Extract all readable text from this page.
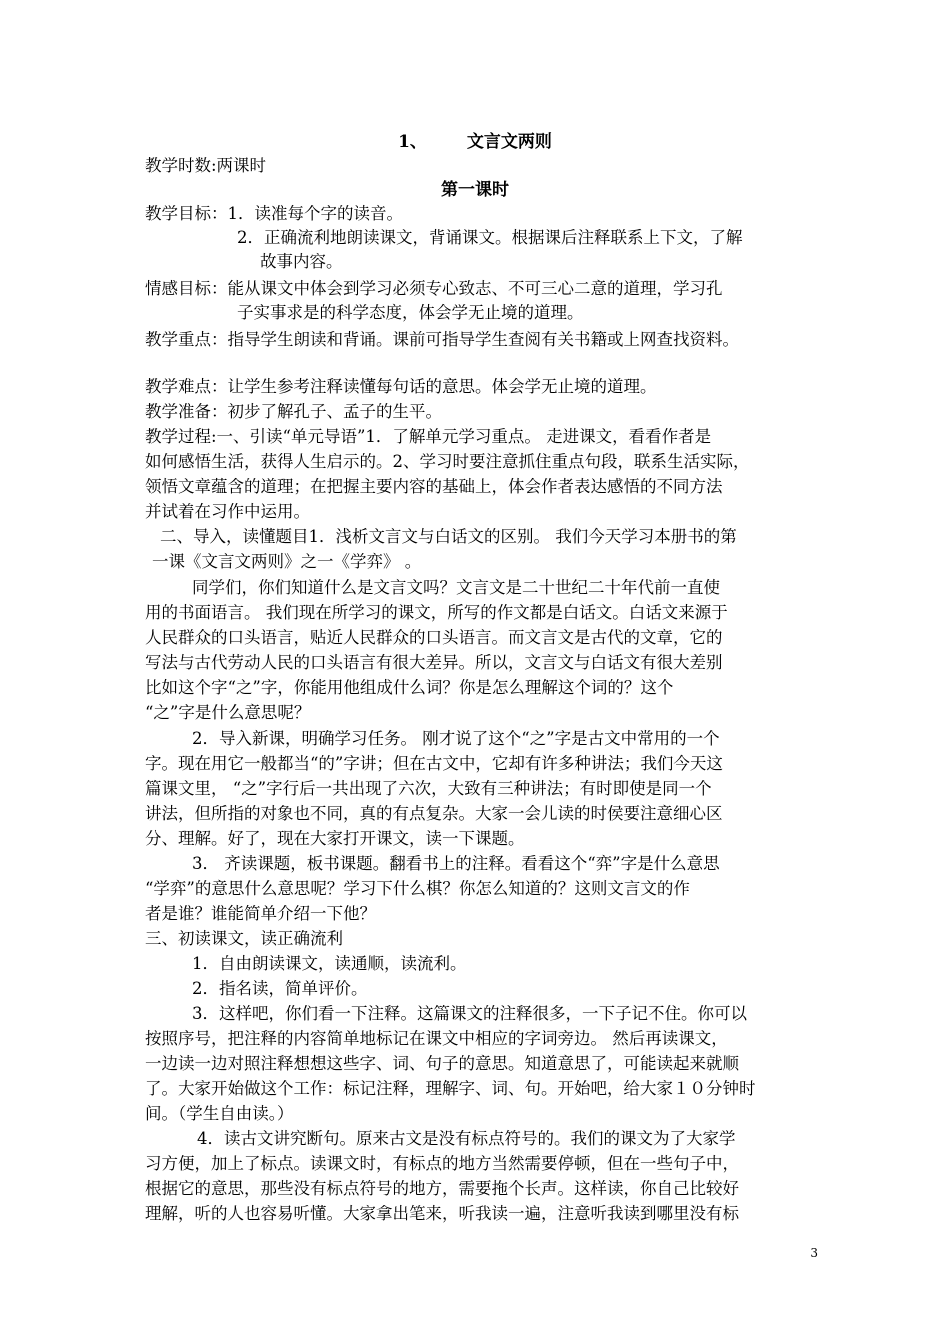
1、 文言文两则
第一课时

教学时数:两课时

教学目标：1．读准每个字的读音。

2．正确流利地朗读课文，背诵课文。根据课后注释联系上下文，了解

故事内容。

情感目标：能从课文中体会到学习必须专心致志、不可三心二意的道理，学习孔

子实事求是的科学态度，体会学无止境的道理。

教学重点：指导学生朗读和背诵。课前可指导学生查阅有关书籍或上网查找资料。

教学难点：让学生参考注释读懂每句话的意思。体会学无止境的道理。

教学准备：初步了解孔子、孟子的生平。

教学过程:一、引读“单元导语”1．了解单元学习重点。 走进课文，看看作者是

如何感悟生活，获得人生启示的。2、学习时要注意抓住重点句段，联系生活实际，

领悟文章蕴含的道理；在把握主要内容的基础上，体会作者表达感悟的不同方法

并试着在习作中运用。

二、导入，读懂题目1．浅析文言文与白话文的区别。 我们今天学习本册书的第

一课《文言文两则》之一《学弈》 。

同学们，你们知道什么是文言文吗？文言文是二十世纪二十年代前一直使

用的书面语言。 我们现在所学习的课文，所写的作文都是白话文。白话文来源于

人民群众的口头语言，贴近人民群众的口头语言。而文言文是古代的文章，它的

写法与古代劳动人民的口头语言有很大差异。所以，文言文与白话文有很大差别

比如这个字“之”字，你能用他组成什么词？你是怎么理解这个词的？这个

“之”字是什么意思呢？

2．导入新课，明确学习任务。 刚才说了这个“之”字是古文中常用的一个

字。现在用它一般都当“的”字讲；但在古文中，它却有许多种讲法；我们今天这

篇课文里， “之”字行后一共出现了六次，大致有三种讲法；有时即使是同一个

讲法，但所指的对象也不同，真的有点复杂。大家一会儿读的时侯要注意细心区

分、理解。好了，现在大家打开课文，读一下课题。

3． 齐读课题，板书课题。翻看书上的注释。看看这个“弈”字是什么意思

“学弈”的意思什么意思呢？学习下什么棋？你怎么知道的？这则文言文的作

者是谁？谁能简单介绍一下他？

三、初读课文，读正确流利

1．自由朗读课文，读通顺，读流利。

2．指名读，简单评价。

3．这样吧，你们看一下注释。这篇课文的注释很多，一下子记不住。你可以

按照序号，把注释的内容简单地标记在课文中相应的字词旁边。 然后再读课文，

一边读一边对照注释想想这些字、词、句子的意思。知道意思了，可能读起来就顺

了。大家开始做这个工作：标记注释，理解字、词、句。开始吧，给大家１０分钟时

间。（学生自由读。）

4．读古文讲究断句。原来古文是没有标点符号的。我们的课文为了大家学

习方便，加上了标点。读课文时，有标点的地方当然需要停顿，但在一些句子中，

根据它的意思，那些没有标点符号的地方，需要拖个长声。这样读，你自己比较好

理解，听的人也容易听懂。大家拿出笔来，听我读一遍，注意听我读到哪里没有标

3
